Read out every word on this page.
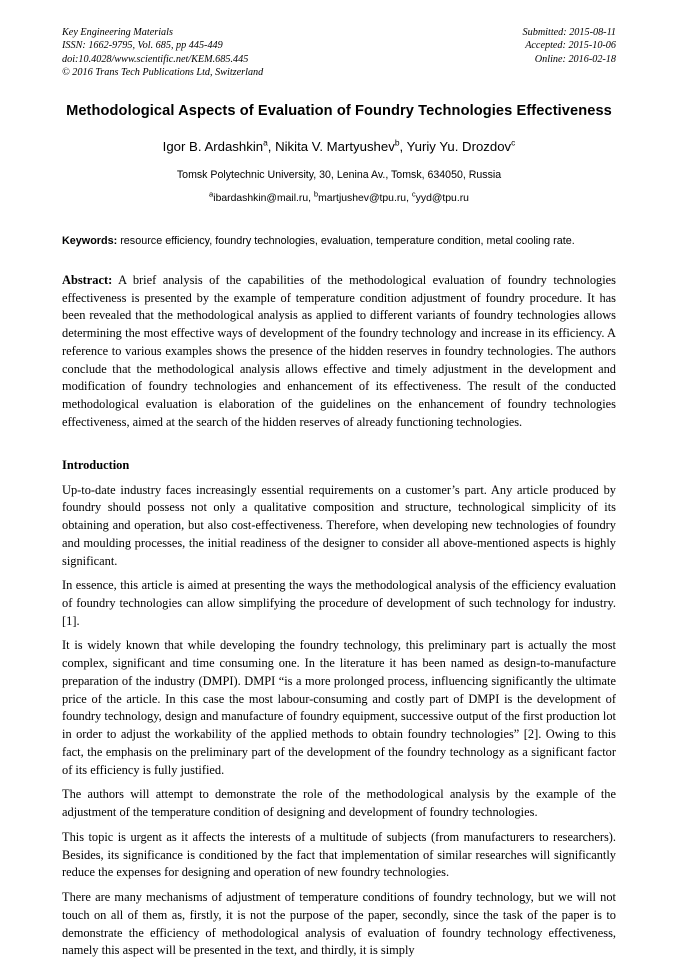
Key Engineering Materials
ISSN: 1662-9795, Vol. 685, pp 445-449
doi:10.4028/www.scientific.net/KEM.685.445
© 2016 Trans Tech Publications Ltd, Switzerland
Submitted: 2015-08-11
Accepted: 2015-10-06
Online: 2016-02-18
Methodological Aspects of Evaluation of Foundry Technologies Effectiveness
Igor B. Ardashkin$^a$, Nikita V. Martyushev$^b$, Yuriy Yu. Drozdov$^c$
Tomsk Polytechnic University, 30, Lenina Av., Tomsk, 634050, Russia
$^a$ibardashkin@mail.ru, $^b$martjushev@tpu.ru, $^c$yyd@tpu.ru
Keywords: resource efficiency, foundry technologies, evaluation, temperature condition, metal cooling rate.
Abstract: A brief analysis of the capabilities of the methodological evaluation of foundry technologies effectiveness is presented by the example of temperature condition adjustment of foundry procedure. It has been revealed that the methodological analysis as applied to different variants of foundry technologies allows determining the most effective ways of development of the foundry technology and increase in its efficiency. A reference to various examples shows the presence of the hidden reserves in foundry technologies. The authors conclude that the methodological analysis allows effective and timely adjustment in the development and modification of foundry technologies and enhancement of its effectiveness. The result of the conducted methodological evaluation is elaboration of the guidelines on the enhancement of foundry technologies effectiveness, aimed at the search of the hidden reserves of already functioning technologies.
Introduction
Up-to-date industry faces increasingly essential requirements on a customer’s part. Any article produced by foundry should possess not only a qualitative composition and structure, technological simplicity of its obtaining and operation, but also cost-effectiveness. Therefore, when developing new technologies of foundry and moulding processes, the initial readiness of the designer to consider all above-mentioned aspects is highly significant.
In essence, this article is aimed at presenting the ways the methodological analysis of the efficiency evaluation of foundry technologies can allow simplifying the procedure of development of such technology for industry. [1].
It is widely known that while developing the foundry technology, this preliminary part is actually the most complex, significant and time consuming one. In the literature it has been named as design-to-manufacture preparation of the industry (DMPI). DMPI “is a more prolonged process, influencing significantly the ultimate price of the article. In this case the most labour-consuming and costly part of DMPI is the development of foundry technology, design and manufacture of foundry equipment, successive output of the first production lot in order to adjust the workability of the applied methods to obtain foundry technologies” [2]. Owing to this fact, the emphasis on the preliminary part of the development of the foundry technology as a significant factor of its efficiency is fully justified.
The authors will attempt to demonstrate the role of the methodological analysis by the example of the adjustment of the temperature condition of designing and development of foundry technologies.
This topic is urgent as it affects the interests of a multitude of subjects (from manufacturers to researchers). Besides, its significance is conditioned by the fact that implementation of similar researches will significantly reduce the expenses for designing and operation of new foundry technologies.
There are many mechanisms of adjustment of temperature conditions of foundry technology, but we will not touch on all of them as, firstly, it is not the purpose of the paper, secondly, since the task of the paper is to demonstrate the efficiency of methodological analysis of evaluation of foundry technology effectiveness, namely this aspect will be presented in the text, and thirdly, it is simply
